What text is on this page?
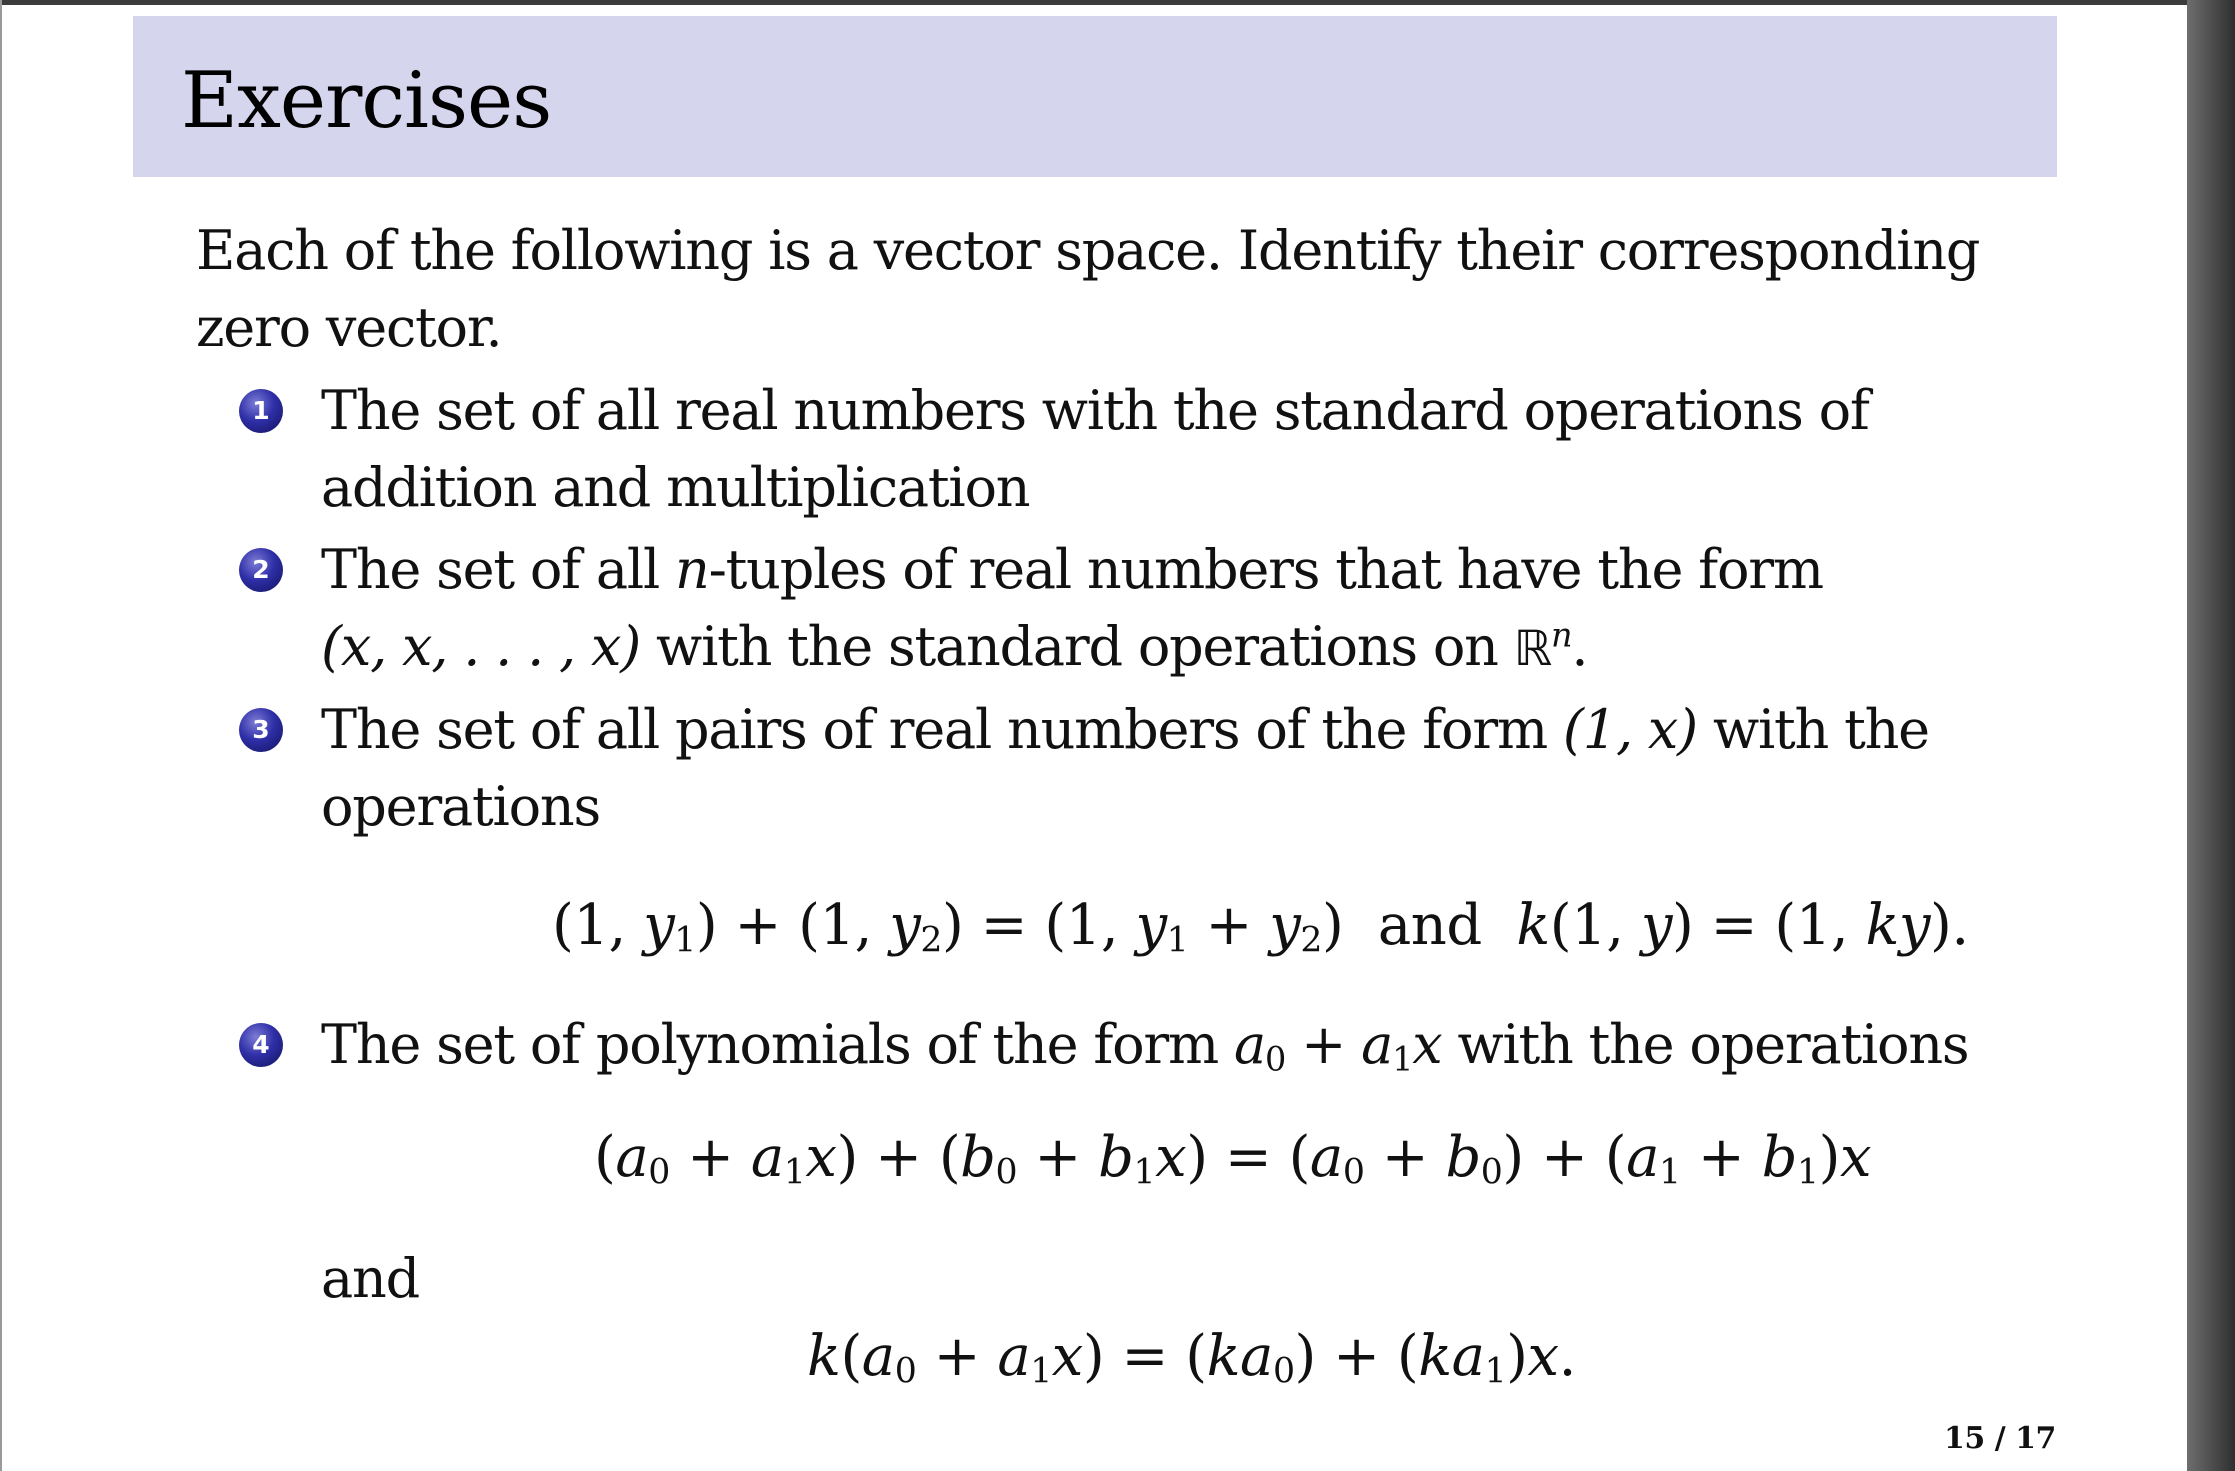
Exercises
Each of the following is a vector space. Identify their corresponding
zero vector.
1 The set of all real numbers with the standard operations of
addition and multiplication
2 The set of all n-tuples of real numbers that have the form
(x, x, . . . , x) with the standard operations on ℝ$^n$.
3 The set of all pairs of real numbers of the form (1, x) with the
operations
(1, $y_1) + (1$, $y_2) = (1$, $y_1 + y_2$)  and k(1, y) = (1, ky).
4 The set of polynomials of the form $a_0 + a_1x$ with the operations
$(a_0 + a_1x) + (b_0 + b_1x) = (a_0 + b_0) + (a_1 + b_1)x$
and
$k(a_0 + a_1x) = (ka_0) + (ka_1)x$.
15 / 17
